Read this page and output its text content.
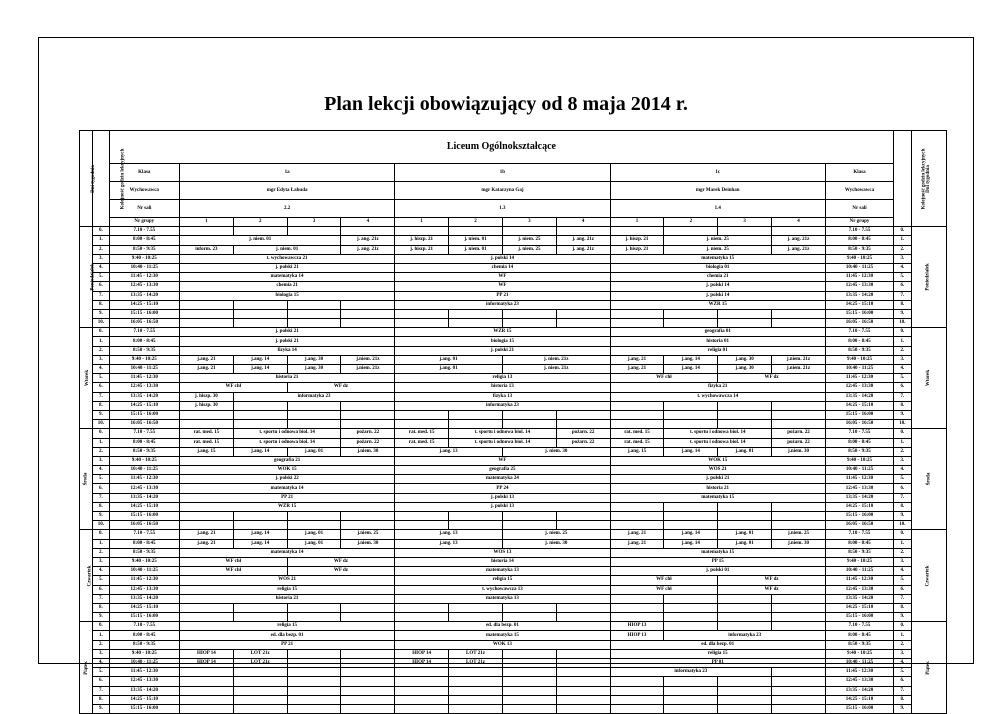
Plan lekcji obowiązujący od 8 maja 2014 r.
Dni tygodnia	Kolejność godzin lekcyjnych	Liceum Ogólnokształcące														Kolejność godzin lekcyjnych	Dni tygodnia
		Klasa	1a				1b				1c				Klasa		
		Wychowawca	mgr Edyta Łabuda				mgr Katarzyna Gaj				mgr Marek Deinhan				Wychowawca		
		Nr sali	2.2				1.3				1.4				Nr sali		
		Nr grupy	1	2	3	4	1	2	3	4	1	2	3	4	Nr grupy		
Poniedziałek	0.	7.10 - 7.55													7.10 - 7.55	0.	Poniedziałek
	1.	8:00 - 8:45	j. niem. 01			j. ang. 21z	j. hiszp. 21	j. niem. 01	j. niem. 25	j. ang. 21z	j. hiszp. 21	j. niem. 25		j. ang. 21z	8:00 - 8:45	1.	
	2.	8:50 - 9:35	inform. 23	j. niem. 01		j. ang. 21z	j. hiszp. 21	j. niem. 01	j. niem. 25	j. ang. 21z	j. hiszp. 21	j. niem. 25		j. ang. 21z	8:50 - 9:35	2.	
	3.	9:40 - 10:25	t. wychowawcza 21				j. polski 14				matematyka 15				9:40 - 10:25	3.	
	4.	10:40 - 11:25	j. polski 21				chemia 14				biologia 01				10:40 - 11:25	4.	
	5.	11:45 - 12:30	matematyka 14				WF				chemia 21				11:45 - 12:30	5.	
	6.	12:45 - 13:30	chemia 21				WF				j. polski 14				12:45 - 13:30	6.	
	7.	13:35 - 14:20	biologia 15				PP 21				j. polski 14				13:35 - 14:20	7.	
	8.	14:25 - 15:10					informatyka 23				WŻR 15				14:25 - 15:10	8.	
	9.	15:15 - 16:00													15:15 - 16:00	9.	
	10.	16:05 - 16:50													16:05 - 16:50	10.	
Wtorek	0.	7.10 - 7.55	j. polski 21				WŻR 15				geografia 01				7.10 - 7.55	0.	Wtorek
	1.	8:00 - 8:45	j. polski 21				biologia 15				historia 01				8:00 - 8:45	1.	
	2.	8:50 - 9:35	fizyka 14				j. polski 21				religia 01				8:50 - 9:35	2.	
	3.	9:40 - 10:25	j.ang. 21	j.ang. 14	j.ang. 30	j.niem. 21z	j.ang. 01		j. niem. 21z		j.ang. 21	j.ang. 14	j.ang. 30	j.niem. 21z	9:40 - 10:25	3.	
	4.	10:40 - 11:25	j.ang. 21	j.ang. 14	j.ang. 30	j.niem. 21z	j.ang. 01		j. niem. 21z		j.ang. 21	j.ang. 14	j.ang. 30	j.niem. 21z	10:40 - 11:25	4.	
	5.	11:45 - 12:30	historia 21				religia 13				WF chł		WF dz		11:45 - 12:30	5.	
	6.	12:45 - 13:30	WF chł		WF dz		historia 13				fizyka 21				12:45 - 13:30	6.	
	7.	13:35 - 14:20	j. hiszp. 30	informatyka 23			fizyka 13				t. wychowawcza 14				13:35 - 14:20	7.	
	8.	14:25 - 15:10	j. hiszp. 30				informatyka 23								14:25 - 15:10	8.	
	9.	15:15 - 16:00													15:15 - 16:00	9.	
	10.	16:05 - 16:50													16:05 - 16:50	10.	
Środa	0.	7.10 - 7.55	rat. med. 15	t. sportu i odnowa biol. 14		pożarn. 22	rat. med. 15	t. sportu i odnowa biol. 14		pożarn. 22	rat. med. 15	t. sportu i odnowa biol. 14		pożarn. 22	7.10 - 7.55	0.	Środa
	1.	8:00 - 8:45	rat. med. 15	t. sportu i odnowa biol. 14		pożarn. 22	rat. med. 15	t. sportu i odnowa biol. 14		pożarn. 22	rat. med. 15	t. sportu i odnowa biol. 14		pożarn. 22	8:00 - 8:45	1.	
	2.	8:50 - 9:35	j.ang. 15	j.ang. 14	j.ang. 01	j.niem. 30	j.ang. 13		j. niem. 30		j.ang. 15	j.ang. 14	j.ang. 01	j.niem. 30	8:50 - 9:35	2.	
	3.	9:40 - 10:25	geografia 21				WF				WOK 15				9:40 - 10:25	3.	
	4.	10:40 - 11:25	WOK 15				geografia 25				WOS 21				10:40 - 11:25	4.	
	5.	11:45 - 12:30	j. polski 22				matematyka 24				j. polski 21				11:45 - 12:30	5.	
	6.	12:45 - 13:30	matematyka 14				PP 24				historia 21				12:45 - 13:30	6.	
	7.	13:35 - 14:20	PP 21				j. polski 13				matematyka 15				13:35 - 14:20	7.	
	8.	14:25 - 15:10	WŻR 15				j. polski 13								14:25 - 15:10	8.	
	9.	15:15 - 16:00													15:15 - 16:00	9.	
	10.	16:05 - 16:50													16:05 - 16:50	10.	
Czwartek	0.	7.10 - 7.55	j.ang. 21	j.ang. 14	j.ang. 01	j.niem. 25	j.ang. 13		j. niem. 25		j.ang. 21	j.ang. 14	j.ang. 01	j.niem. 25	7.10 - 7.55	0.	Czwartek
	1.	8:00 - 8:45	j.ang. 21	j.ang. 14	j.ang. 01	j.niem. 30	j.ang. 13		j. niem. 30		j.ang. 21	j.ang. 14	j.ang. 01	j.niem. 30	8:00 - 8:45	1.	
	2.	8:50 - 9:35	matematyka 14				WOS 13				matematyka 15				8:50 - 9:35	2.	
	3.	9:40 - 10:25	WF chł		WF dz		historia 14				PP 15				9:40 - 10:25	3.	
	4.	10:40 - 11:25	WF chł		WF dz		matematyka 13				j. polski 01				10:40 - 11:25	4.	
	5.	11:45 - 12:30	WOS 21				religia 15				WF chł		WF dz		11:45 - 12:30	5.	
	6.	12:45 - 13:30	religia 15				t. wychowawcza 13				WF chł		WF dz		12:45 - 13:30	6.	
	7.	13:35 - 14:20	historia 21				matematyka 13								13:35 - 14:20	7.	
	8.	14:25 - 15:10													14:25 - 15:10	8.	
	9.	15:15 - 16:00													15:15 - 16:00	9.	
Piątek	0.	7.10 - 7.55	religia 15				ed. dla bezp. 01				HIOP 13				7.10 - 7.55	0.	Piątek
	1.	8:00 - 8:45	ed. dla bezp. 01				matematyka 15				HIOP 13	informatyka 23			8:00 - 8:45	1.	
	2.	8:50 - 9:35	PP 21				WOK 13				ed. dla bezp. 01				8:50 - 9:35	2.	
	3.	9:40 - 10:25	HIOP 14	LOT 21z			HIOP 14	LOT 21z			religia 15				9:40 - 10:25	3.	
	4.	10:40 - 11:25	HIOP 14	LOT 21z			HIOP 14	LOT 21z			PP 01				10:40 - 11:25	4.	
	5.	11:45 - 12:30									informatyka 23				11:45 - 12:30	5.	
	6.	12:45 - 13:30													12:45 - 13:30	6.	
	7.	13:35 - 14:20													13:35 - 14:20	7.	
	8.	14:25 - 15:10													14:25 - 15:10	8.	
	9.	15:15 - 16:00													15:15 - 16:00	9.	
